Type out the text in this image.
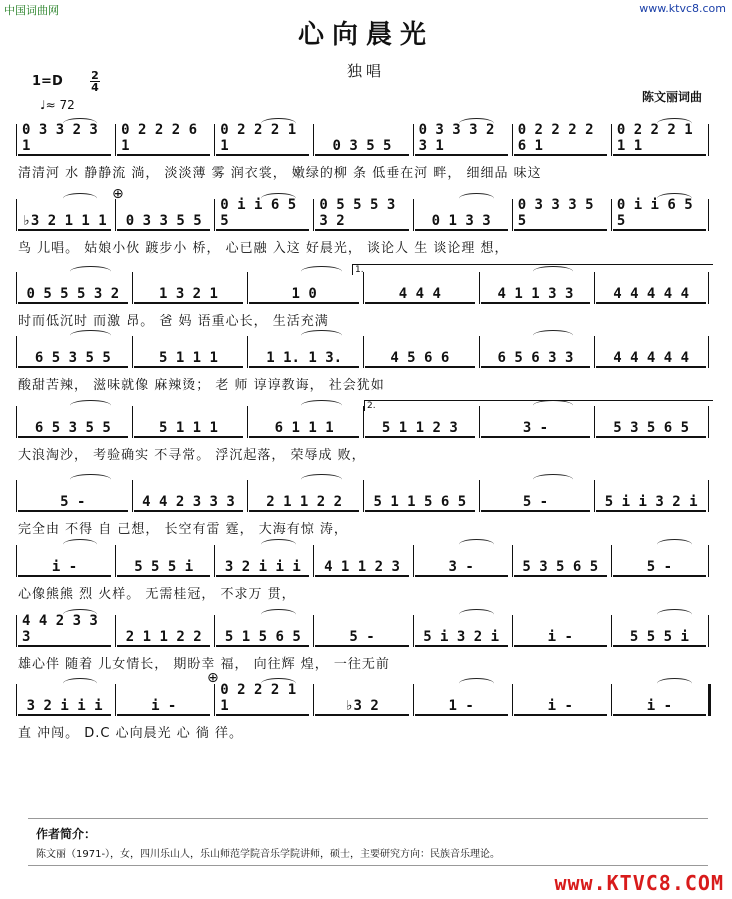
中国词曲网	www.ktvc8.com
心向晨光
独唱
1=D	2
4
♩≈ 72
陈文丽词曲
0 3 3 2 3 1
0 2 2 2 6 1
0 2 2 2 1 1	0 3 5 5
0 3 3 3 2 3 1
0 2 2 2 2 6 1
0 2 2 2 1 1 1
清清河 水 静静流 淌， 淡淡薄 雾 润衣裳， 嫩绿的柳 条 低垂在河 畔， 细细品 味这
♭3 2 1 1 1	0 3 3 5 5
0 i i 6 5 5
0 5 5 5 3 3 2	0 1 3 3
0 3 3 3 5 5
0 i i 6 5 5
鸟 儿唱。 姑娘小伙 踱步小 桥， 心已融 入这 好晨光， 谈论人 生 谈论理 想，
0 5 5 5 3 2	1 3 2 1	1 0	4 4 4	4 1 1 3 3	4 4 4 4 4
时而低沉时 而激 昂。 爸 妈 语重心长， 生活充满
6 5 3 5 5	5 1 1 1	1 1. 1 3.	4 5 6 6	6 5 6 3 3	4 4 4 4 4
酸甜苦辣， 滋味就像 麻辣烫； 老 师 谆谆教诲， 社会犹如
6 5 3 5 5	5 1 1 1	6 1 1 1	5 1 1 2 3	3 -	5 3 5 6 5
大浪淘沙， 考验确实 不寻常。 浮沉起落， 荣辱成 败，
5 -	4 4 2 3 3 3	2 1 1 2 2	5 1 1 5 6 5	5 -	5 i i 3 2 i
完全由 不得 自 己想， 长空有雷 霆， 大海有惊 涛，
i -	5 5 5 i	3 2 i i i	4 1 1 2 3	3 -	5 3 5 6 5	5 -
心像熊熊 烈 火样。 无需桂冠， 不求万 贯，
4 4 2 3 3 3	2 1 1 2 2	5 1 5 6 5	5 -	5 i 3 2 i	i -	5 5 5 i
雄心伴 随着 儿女情长， 期盼幸 福， 向往辉 煌， 一往无前
3 2 i i i	i -
0 2 2 2 1 1	♭3 2	1 -	i -	i -
直 冲闯。 D.C 心向晨光 心 徜 徉。
⊕
⊕
1.
2.
作者简介：
陈文丽（1971-），女，四川乐山人，乐山师范学院音乐学院讲师，硕士，主要研究方向：民族音乐理论。
www.KTVC8.COM
